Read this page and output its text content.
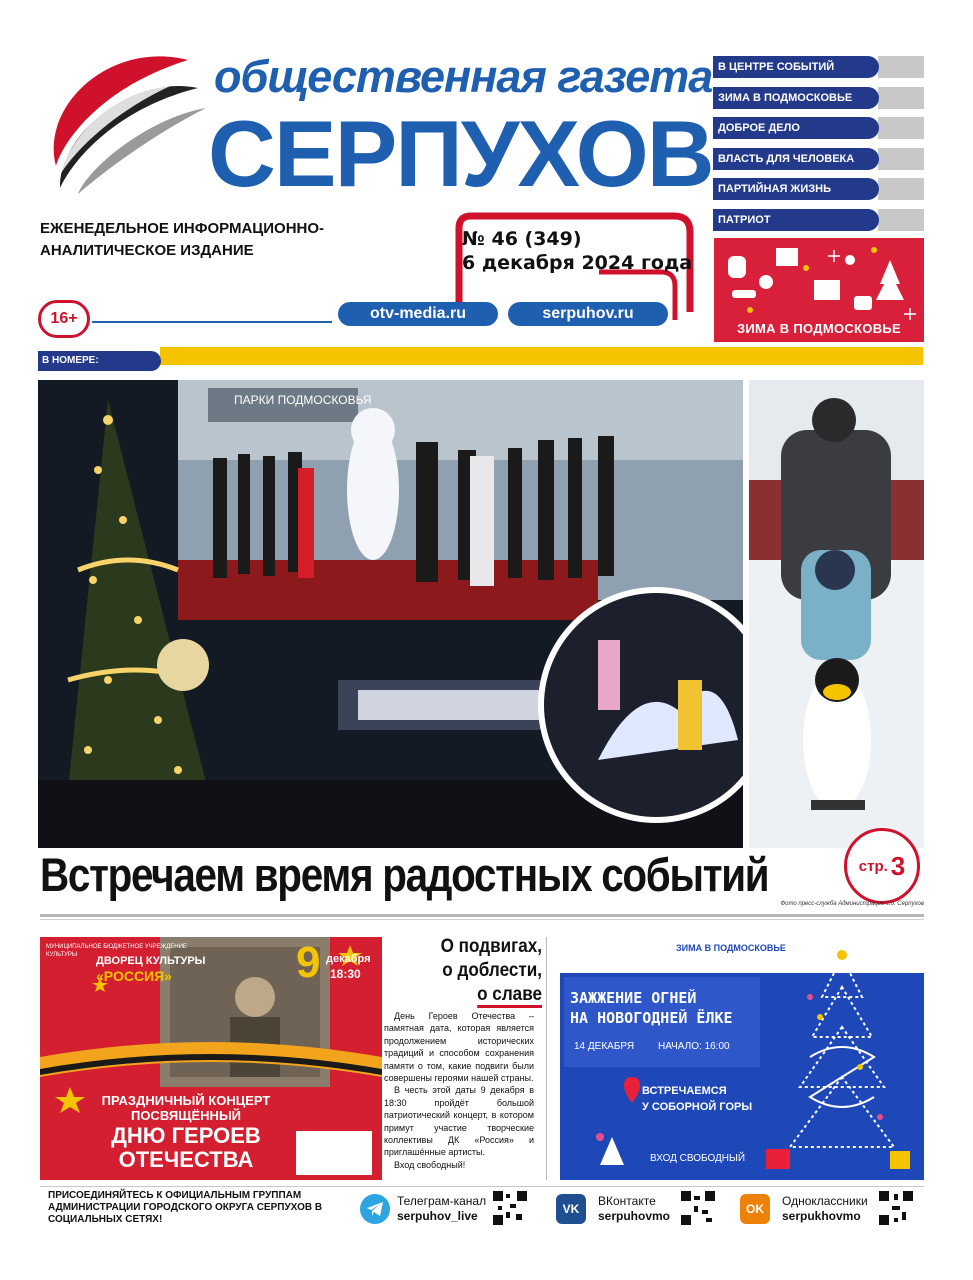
общественная газета
СЕРПУХОВ
ЕЖЕНЕДЕЛЬНОЕ ИНФОРМАЦИОННО-АНАЛИТИЧЕСКОЕ ИЗДАНИЕ
№ 46 (349)
6 декабря 2024 года
16+	otv-media.ru	serpuhov.ru
В ЦЕНТРЕ СОБЫТИЙ
ЗИМА В ПОДМОСКОВЬЕ
ДОБРОЕ ДЕЛО
ВЛАСТЬ ДЛЯ ЧЕЛОВЕКА
ПАРТИЙНАЯ ЖИЗНЬ
ПАТРИОТ
ЗИМА В ПОДМОСКОВЬЕ
В НОМЕРЕ:
ПАРКИ ПОДМОСКОВЬЯ
Встречаем время радостных событий	стр. 3
Фото пресс-служба Администрации г.о. Серпухов
МУНИЦИПАЛЬНОЕ БЮДЖЕТНОЕ УЧРЕЖДЕНИЕ КУЛЬТУРЫ	ДВОРЕЦ КУЛЬТУРЫ
«РОССИЯ»	9 декабря
18:30
ПРАЗДНИЧНЫЙ КОНЦЕРТ
ПОСВЯЩЁННЫЙ
ДНЮ ГЕРОЕВ
ОТЕЧЕСТВА
О подвигах,
о доблести,
о славе

День Героев Отечества – памятная дата, которая является продолжением исторических традиций и способом сохранения памяти о том, какие подвиги были совершены героями нашей страны.

В честь этой даты 9 декабря в 18:30 пройдёт большой патриотический концерт, в котором примут участие творческие коллективы ДК «Россия» и приглашённые артисты.

Вход свободный!

ЗИМА В ПОДМОСКОВЬЕ
0+
ЗАЖЖЕНИЕ ОГНЕЙ
НА НОВОГОДНЕЙ ЁЛКЕ
14 ДЕКАБРЯ НАЧАЛО: 16:00
ВСТРЕЧАЕМСЯ
У СОБОРНОЙ ГОРЫ
ВХОД СВОБОДНЫЙ
ПРИСОЕДИНЯЙТЕСЬ К ОФИЦИАЛЬНЫМ ГРУППАМ АДМИНИСТРАЦИИ ГОРОДСКОГО ОКРУГА СЕРПУХОВ В СОЦИАЛЬНЫХ СЕТЯХ!
Телеграм-канал
serpuhov_live	VK
ВКонтакте
serpuhovmo	OK
Одноклассники
serpukhovmo
